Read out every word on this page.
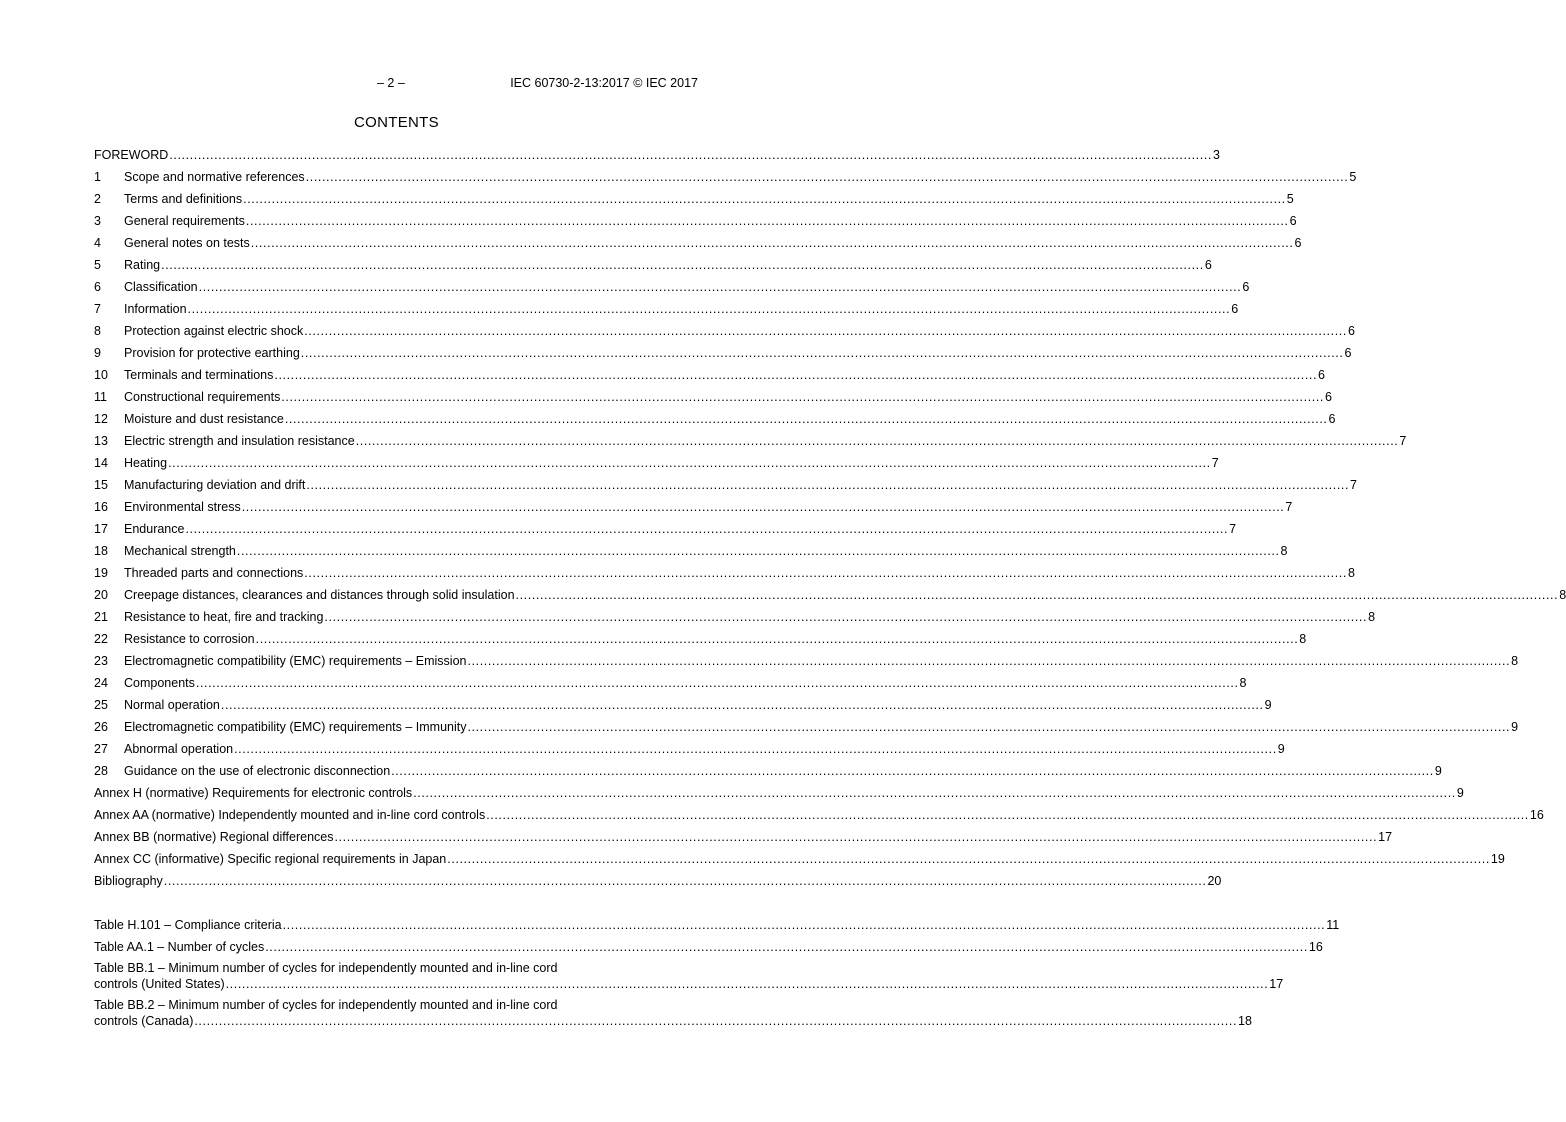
– 2 –	IEC 60730-2-13:2017 © IEC 2017
CONTENTS
FOREWORD ................................................................................................................................................................................................................................................................ 3
1	Scope and normative references ................................................................................................................................................................................................................................................................ 5
2	Terms and definitions ................................................................................................................................................................................................................................................................ 5
3	General requirements ................................................................................................................................................................................................................................................................ 6
4	General notes on tests ................................................................................................................................................................................................................................................................ 6
5	Rating ................................................................................................................................................................................................................................................................ 6
6	Classification ................................................................................................................................................................................................................................................................ 6
7	Information ................................................................................................................................................................................................................................................................ 6
8	Protection against electric shock ................................................................................................................................................................................................................................................................ 6
9	Provision for protective earthing ................................................................................................................................................................................................................................................................ 6
10	Terminals and terminations ................................................................................................................................................................................................................................................................ 6
11	Constructional requirements ................................................................................................................................................................................................................................................................ 6
12	Moisture and dust resistance ................................................................................................................................................................................................................................................................ 6
13	Electric strength and insulation resistance ................................................................................................................................................................................................................................................................ 7
14	Heating ................................................................................................................................................................................................................................................................ 7
15	Manufacturing deviation and drift ................................................................................................................................................................................................................................................................ 7
16	Environmental stress ................................................................................................................................................................................................................................................................ 7
17	Endurance ................................................................................................................................................................................................................................................................ 7
18	Mechanical strength ................................................................................................................................................................................................................................................................ 8
19	Threaded parts and connections ................................................................................................................................................................................................................................................................ 8
20	Creepage distances, clearances and distances through solid insulation ................................................................................................................................................................................................................................................................ 8
21	Resistance to heat, fire and tracking ................................................................................................................................................................................................................................................................ 8
22	Resistance to corrosion ................................................................................................................................................................................................................................................................ 8
23	Electromagnetic compatibility (EMC) requirements – Emission ................................................................................................................................................................................................................................................................ 8
24	Components ................................................................................................................................................................................................................................................................ 8
25	Normal operation ................................................................................................................................................................................................................................................................ 9
26	Electromagnetic compatibility (EMC) requirements – Immunity ................................................................................................................................................................................................................................................................ 9
27	Abnormal operation ................................................................................................................................................................................................................................................................ 9
28	Guidance on the use of electronic disconnection ................................................................................................................................................................................................................................................................ 9
Annex H (normative) Requirements for electronic controls ................................................................................................................................................................................................................................................................ 9
Annex AA (normative) Independently mounted and in-line cord controls ................................................................................................................................................................................................................................................................ 16
Annex BB (normative) Regional differences ................................................................................................................................................................................................................................................................ 17
Annex CC (informative) Specific regional requirements in Japan ................................................................................................................................................................................................................................................................ 19
Bibliography ................................................................................................................................................................................................................................................................ 20
Table H.101 – Compliance criteria ................................................................................................................................................................................................................................................................ 11
Table AA.1 – Number of cycles ................................................................................................................................................................................................................................................................ 16
Table BB.1 – Minimum number of cycles for independently mounted and in-line cord
controls (United States) ................................................................................................................................................................................................................................................................ 17
Table BB.2 – Minimum number of cycles for independently mounted and in-line cord
controls (Canada) ................................................................................................................................................................................................................................................................ 18
